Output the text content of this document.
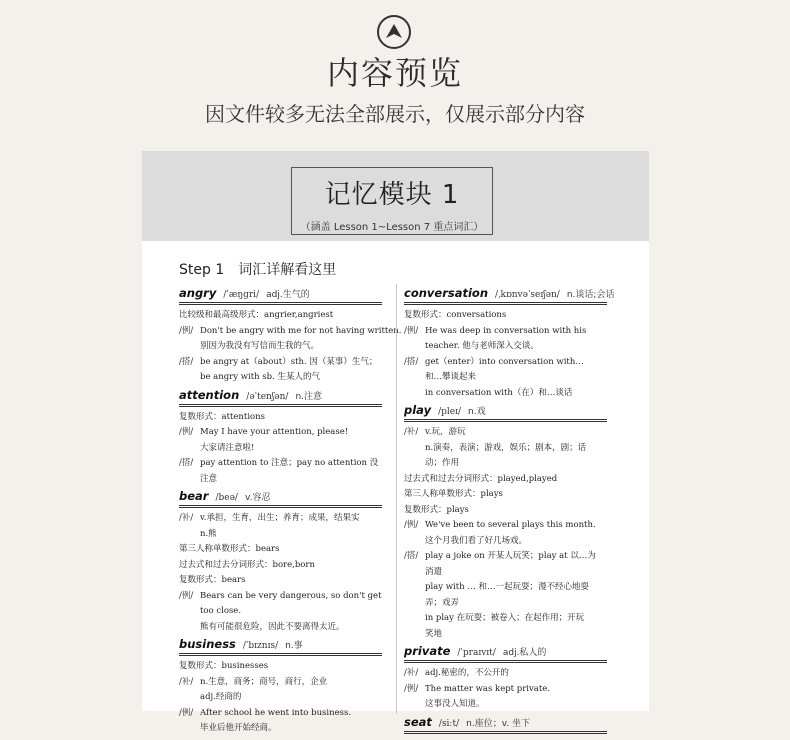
内容预览
因文件较多无法全部展示，仅展示部分内容
记忆模块 1
（涵盖 Lesson 1~Lesson 7 重点词汇）
Step 1　词汇详解看这里
angry /ˈæŋɡri/ adj.生气的
比较级和最高级形式：angrier,angriest
/例/ Don't be angry with me for not having written.
别因为我没有写信而生我的气。
/搭/ be angry at（about）sth. 因（某事）生气；
be angry with sb. 生某人的气
attention /əˈtenʃən/ n.注意
复数形式：attentions
/例/ May I have your attention, please!
大家请注意啦!
/搭/ pay attention to 注意；pay no attention 没
注意
bear /beə/ v.容忍
/补/ v.承担，生育，出生；养育；成果，结果实
n.熊
第三人称单数形式：bears
过去式和过去分词形式：bore,born
复数形式：bears
/例/ Bears can be very dangerous, so don't get
too close.
熊有可能很危险，因此不要离得太近。
business /ˈbɪznɪs/ n.事
复数形式：businesses
/补/ n.生意，商务；商号，商行，企业
adj.经商的
/例/ After school he went into business.
毕业后他开始经商。
conversation /ˌkɒnvəˈseɪʃən/ n.谈话;会话
复数形式：conversations
/例/ He was deep in conversation with his
teacher. 他与老师深入交谈。
/搭/ get（enter）into conversation with…
和…攀谈起来
in conversation with（在）和…谈话
play /pleɪ/ n.戏
/补/ v.玩，游玩
n.演奏，表演；游戏，娱乐；剧本，剧；话
动；作用
过去式和过去分词形式：played,played
第三人称单数形式：plays
复数形式：plays
/例/ We've been to several plays this month.
这个月我们看了好几场戏。
/搭/ play a joke on 开某人玩笑；play at 以…为
消遣
play with … 和…一起玩耍；漫不经心地耍
弄；戏弄
in play 在玩耍；被卷入；在起作用；开玩
笑地
private /ˈpraɪvɪt/ adj.私人的
/补/ adj.秘密的，不公开的
/例/ The matter was kept private.
这事没人知道。
seat /siːt/ n.座位；v. 坐下
